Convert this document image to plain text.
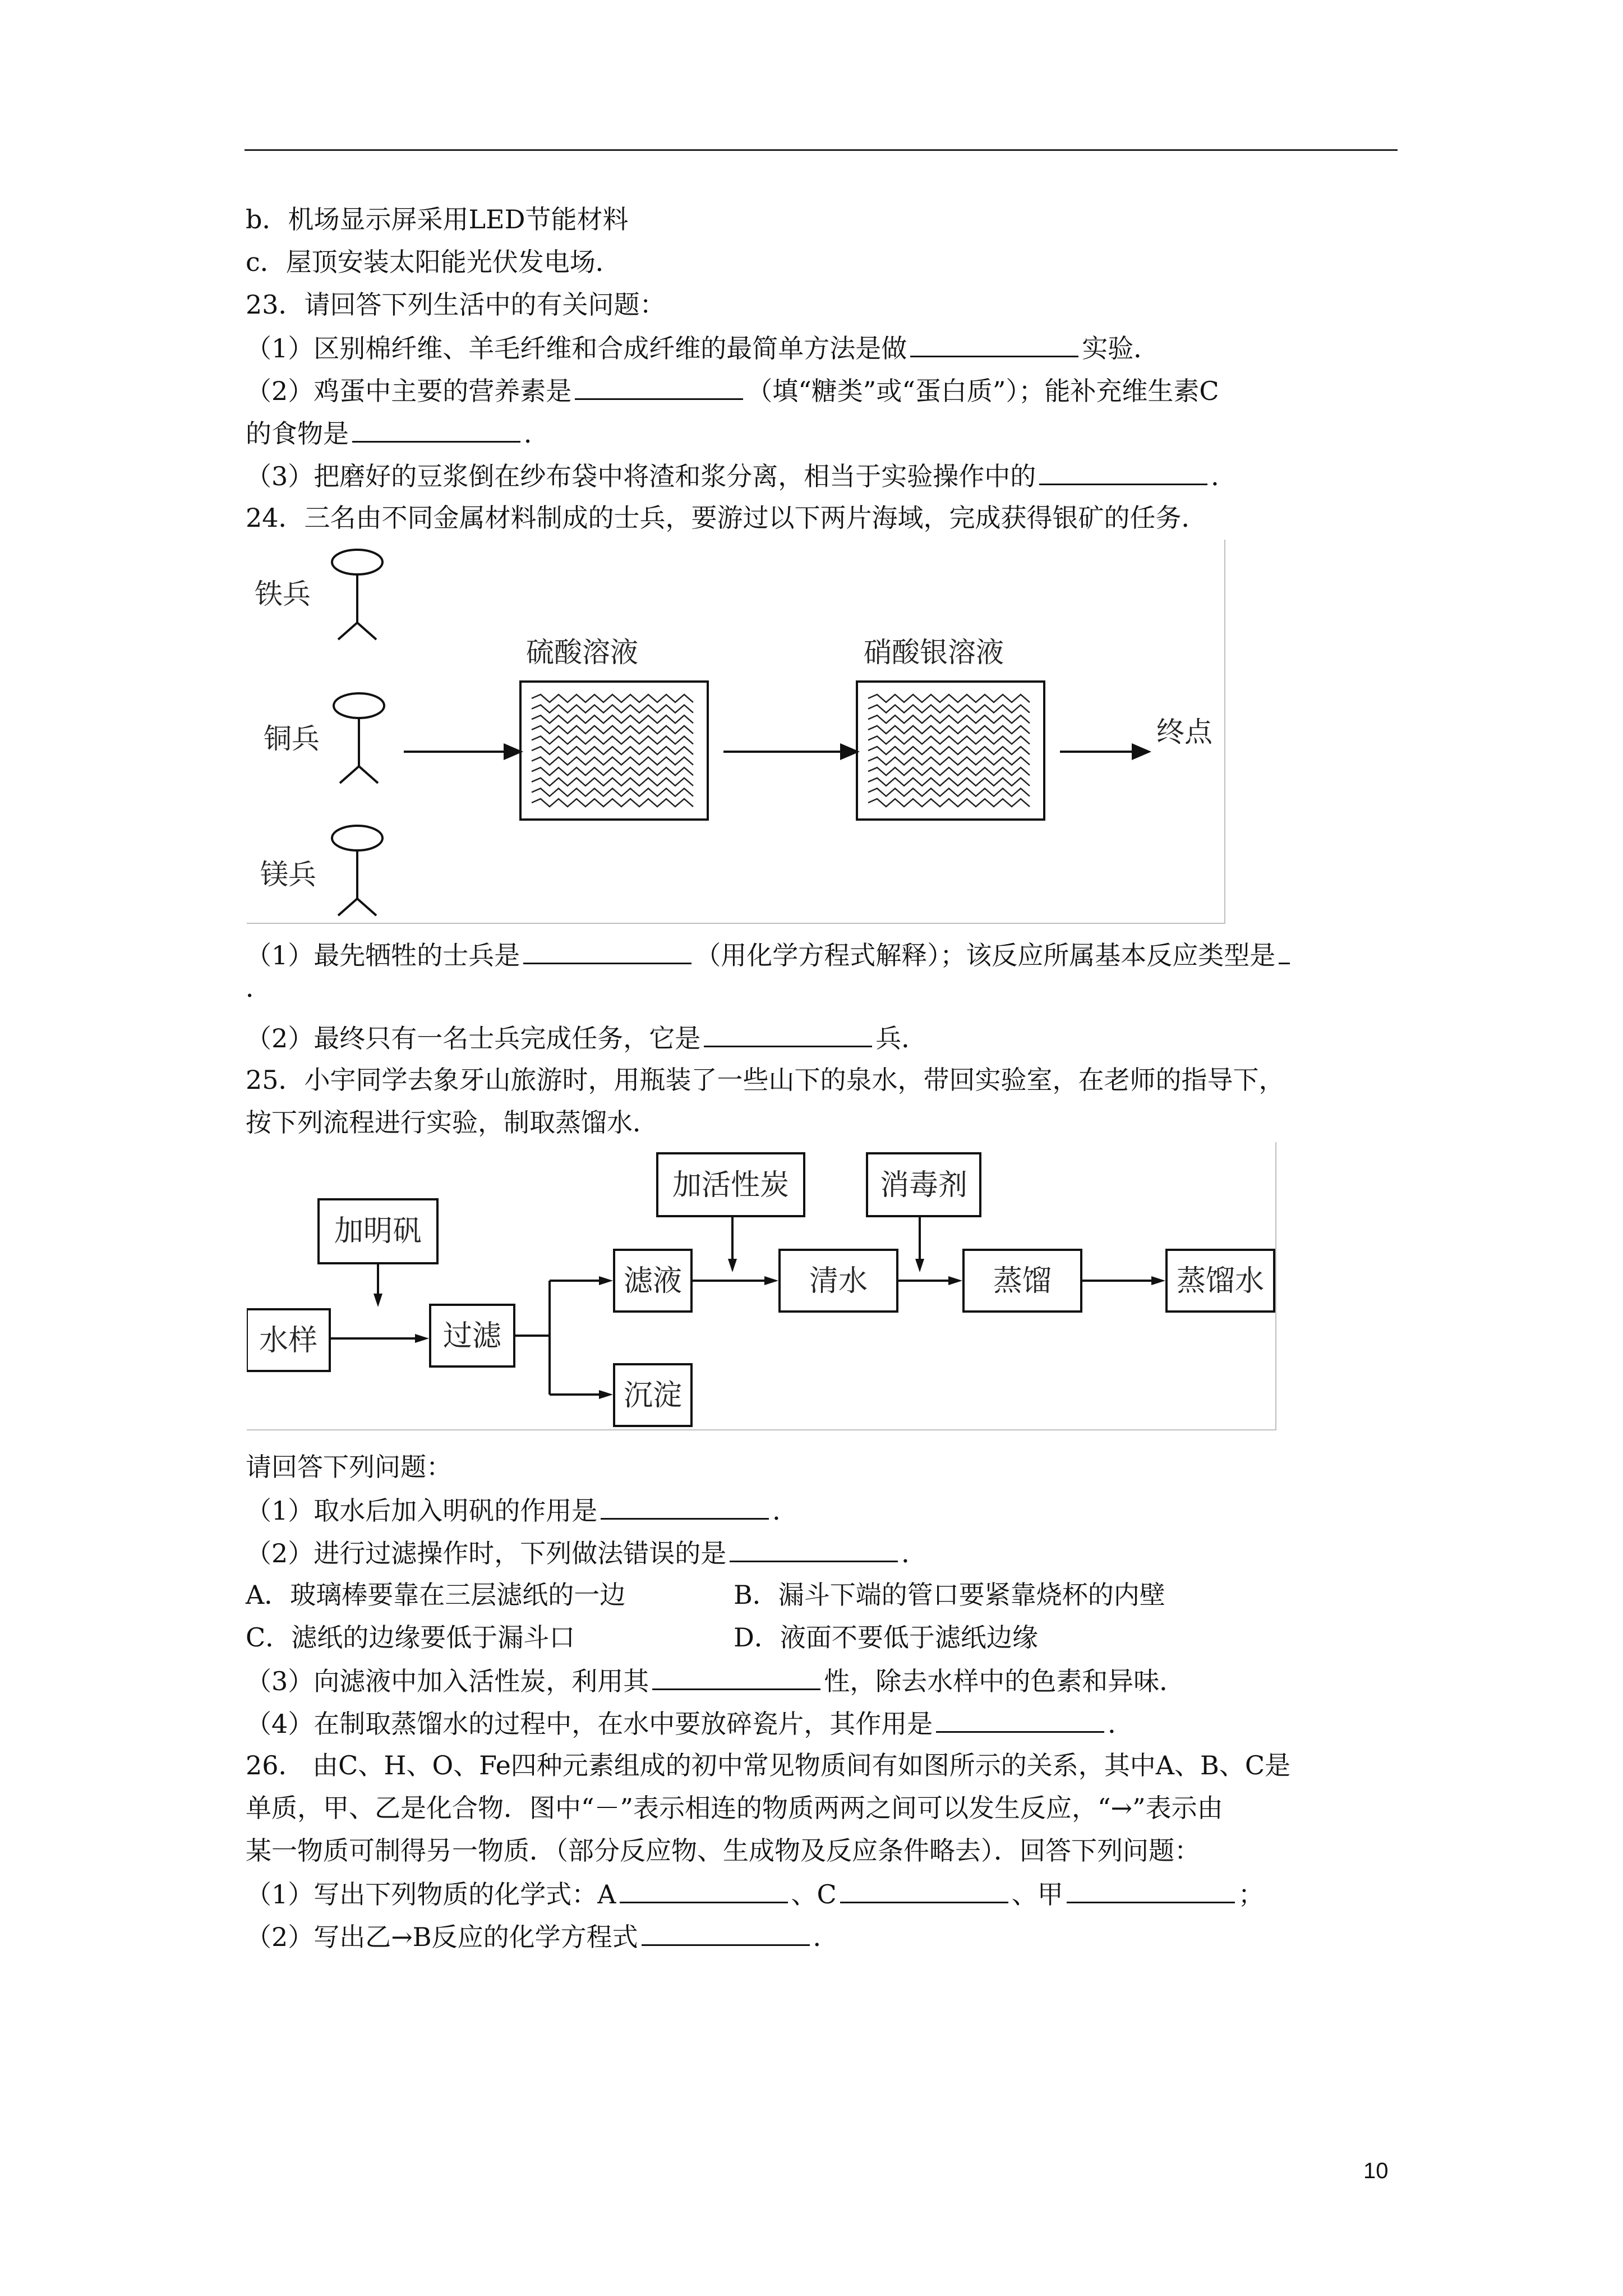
b．机场显示屏采用LED节能材料
c．屋顶安装太阳能光伏发电场．
23．请回答下列生活中的有关问题：
（1）区别棉纤维、羊毛纤维和合成纤维的最简单方法是做	实验．
（2）鸡蛋中主要的营养素是	（填“糖类”或“蛋白质”）；能补充维生素C
的食物是	．
（3）把磨好的豆浆倒在纱布袋中将渣和浆分离，相当于实验操作中的	．
24．三名由不同金属材料制成的士兵，要游过以下两片海域，完成获得银矿的任务．
铁兵
铜兵
镁兵
硫酸溶液	硝酸银溶液
终点
（1）最先牺牲的士兵是	（用化学方程式解释）；该反应所属基本反应类型是
．
（2）最终只有一名士兵完成任务，它是	兵．
25．小宇同学去象牙山旅游时，用瓶装了一些山下的泉水，带回实验室，在老师的指导下，
按下列流程进行实验，制取蒸馏水．
加明矾
水样	过滤
滤液
沉淀
加活性炭
清水
消毒剂
蒸馏	蒸馏水
请回答下列问题：
（1）取水后加入明矾的作用是	．
（2）进行过滤操作时，下列做法错误的是	．
A．玻璃棒要靠在三层滤纸的一边	B．漏斗下端的管口要紧靠烧杯的内壁
C．滤纸的边缘要低于漏斗口	D．液面不要低于滤纸边缘
（3）向滤液中加入活性炭，利用其	性，除去水样中的色素和异味．
（4）在制取蒸馏水的过程中，在水中要放碎瓷片，其作用是	．
26． 由C、H、O、Fe四种元素组成的初中常见物质间有如图所示的关系，其中A、B、C是
单质，甲、乙是化合物．图中“－”表示相连的物质两两之间可以发生反应，“→”表示由
某一物质可制得另一物质．（部分反应物、生成物及反应条件略去）．回答下列问题：
（1）写出下列物质的化学式：A	、C	、甲	；
（2）写出乙→B反应的化学方程式	．
10
